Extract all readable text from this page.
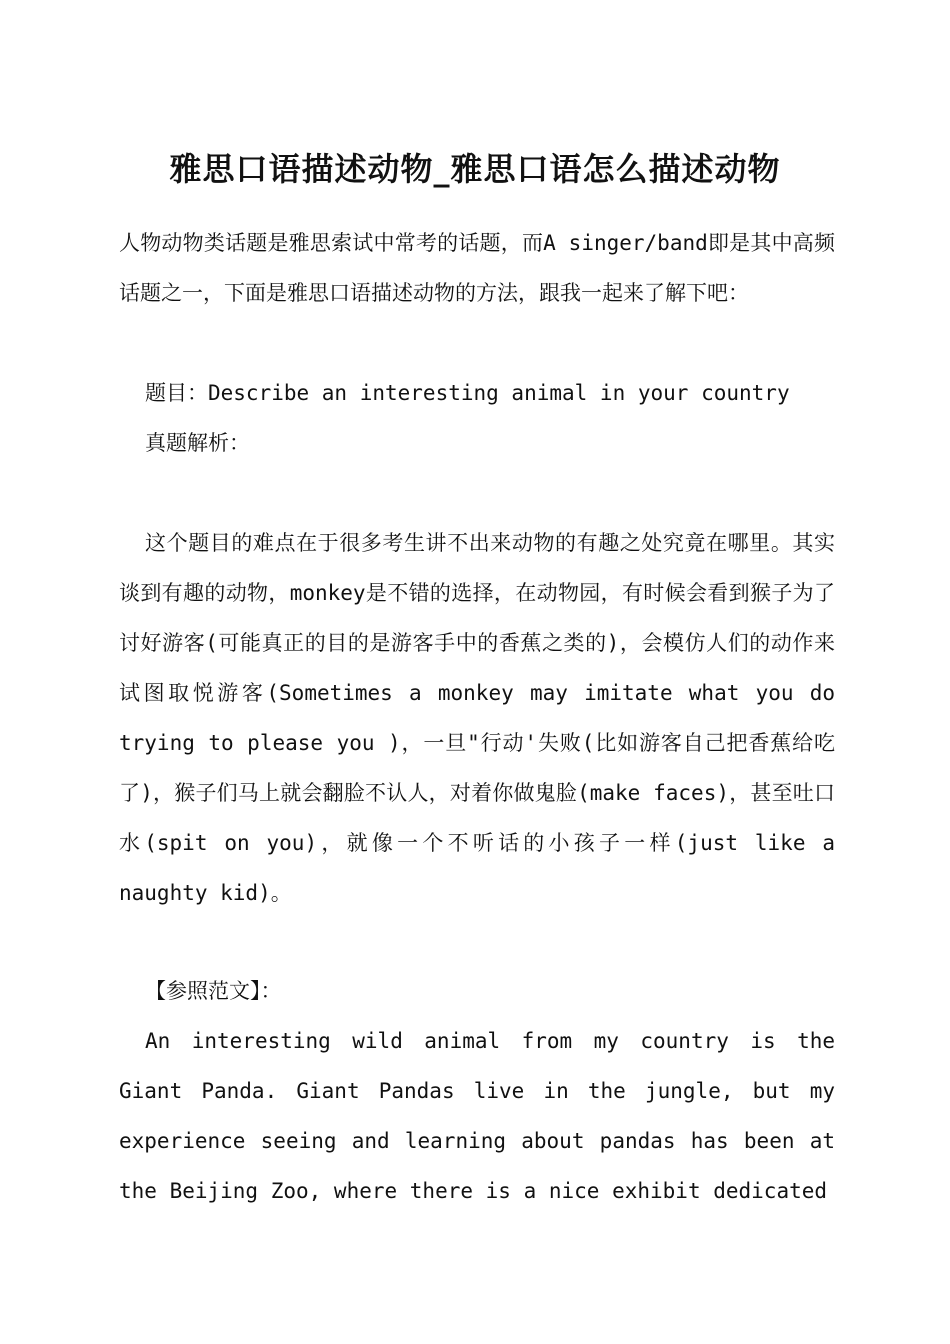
雅思口语描述动物_雅思口语怎么描述动物

人物动物类话题是雅思索试中常考的话题，而A singer/band即是其中高频话题之一，下面是雅思口语描述动物的方法，跟我一起来了解下吧：

题目：Describe an interesting animal in your country

真题解析：

这个题目的难点在于很多考生讲不出来动物的有趣之处究竟在哪里。其实谈到有趣的动物，monkey是不错的选择，在动物园，有时候会看到猴子为了讨好游客(可能真正的目的是游客手中的香蕉之类的)，会模仿人们的动作来试图取悦游客(Sometimes a monkey may imitate what you do trying to please you )，一旦"行动'失败(比如游客自己把香蕉给吃了)，猴子们马上就会翻脸不认人，对着你做鬼脸(make faces)，甚至吐口水(spit on you)，就像一个不听话的小孩子一样(just like a naughty kid)。

【参照范文】：

An interesting wild animal from my country is the Giant Panda. Giant Pandas live in the jungle, but my experience seeing and learning about pandas has been at the Beijing Zoo, where there is a nice exhibit dedicated
